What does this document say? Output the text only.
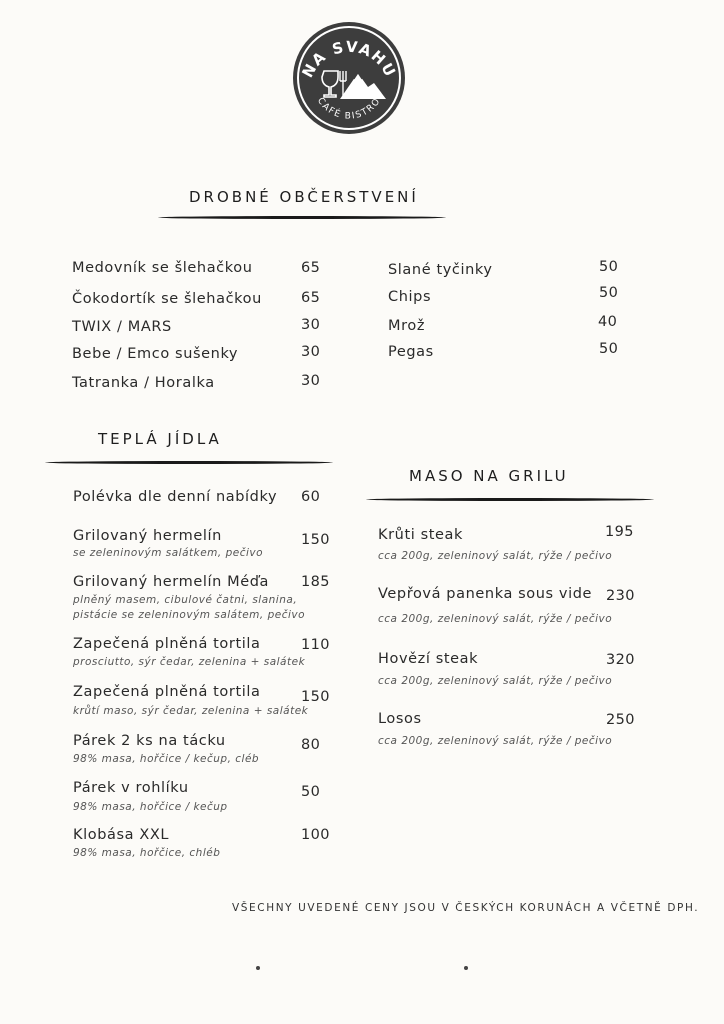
NA SVAHU
CAFÉ BISTRO
DROBNÉ OBČERSTVENÍ
Medovník se šlehačkou	65
Čokodortík se šlehačkou	65
TWIX / MARS	30
Bebe / Emco sušenky	30
Tatranka / Horalka	30
Slané tyčinky	50
Chips	50
Mrož	40
Pegas	50
TEPLÁ JÍDLA
Polévka dle denní nabídky 60
Grilovaný hermelín	150
se zeleninovým salátkem, pečivo
Grilovaný hermelín Méďa 185
plněný masem, cibulové čatni, slanina,
pistácie se zeleninovým salátem, pečivo
Zapečená plněná tortila	110
prosciutto, sýr čedar, zelenina + salátek
Zapečená plněná tortila	150
krůtí maso, sýr čedar, zelenina + salátek
Párek 2 ks na tácku	80
98% masa, hořčice / kečup, cléb
Párek v rohlíku	50
98% masa, hořčice / kečup
Klobása XXL	100
98% masa, hořčice, chléb
MASO NA GRILU
Krůti steak	195
cca 200g, zeleninový salát, rýže / pečivo
Vepřová panenka sous vide 230
cca 200g, zeleninový salát, rýže / pečivo
Hovězí steak	320
cca 200g, zeleninový salát, rýže / pečivo
Losos	250
cca 200g, zeleninový salát, rýže / pečivo
VŠECHNY UVEDENÉ CENY JSOU V ČESKÝCH KORUNÁCH A VČETNĚ DPH.
